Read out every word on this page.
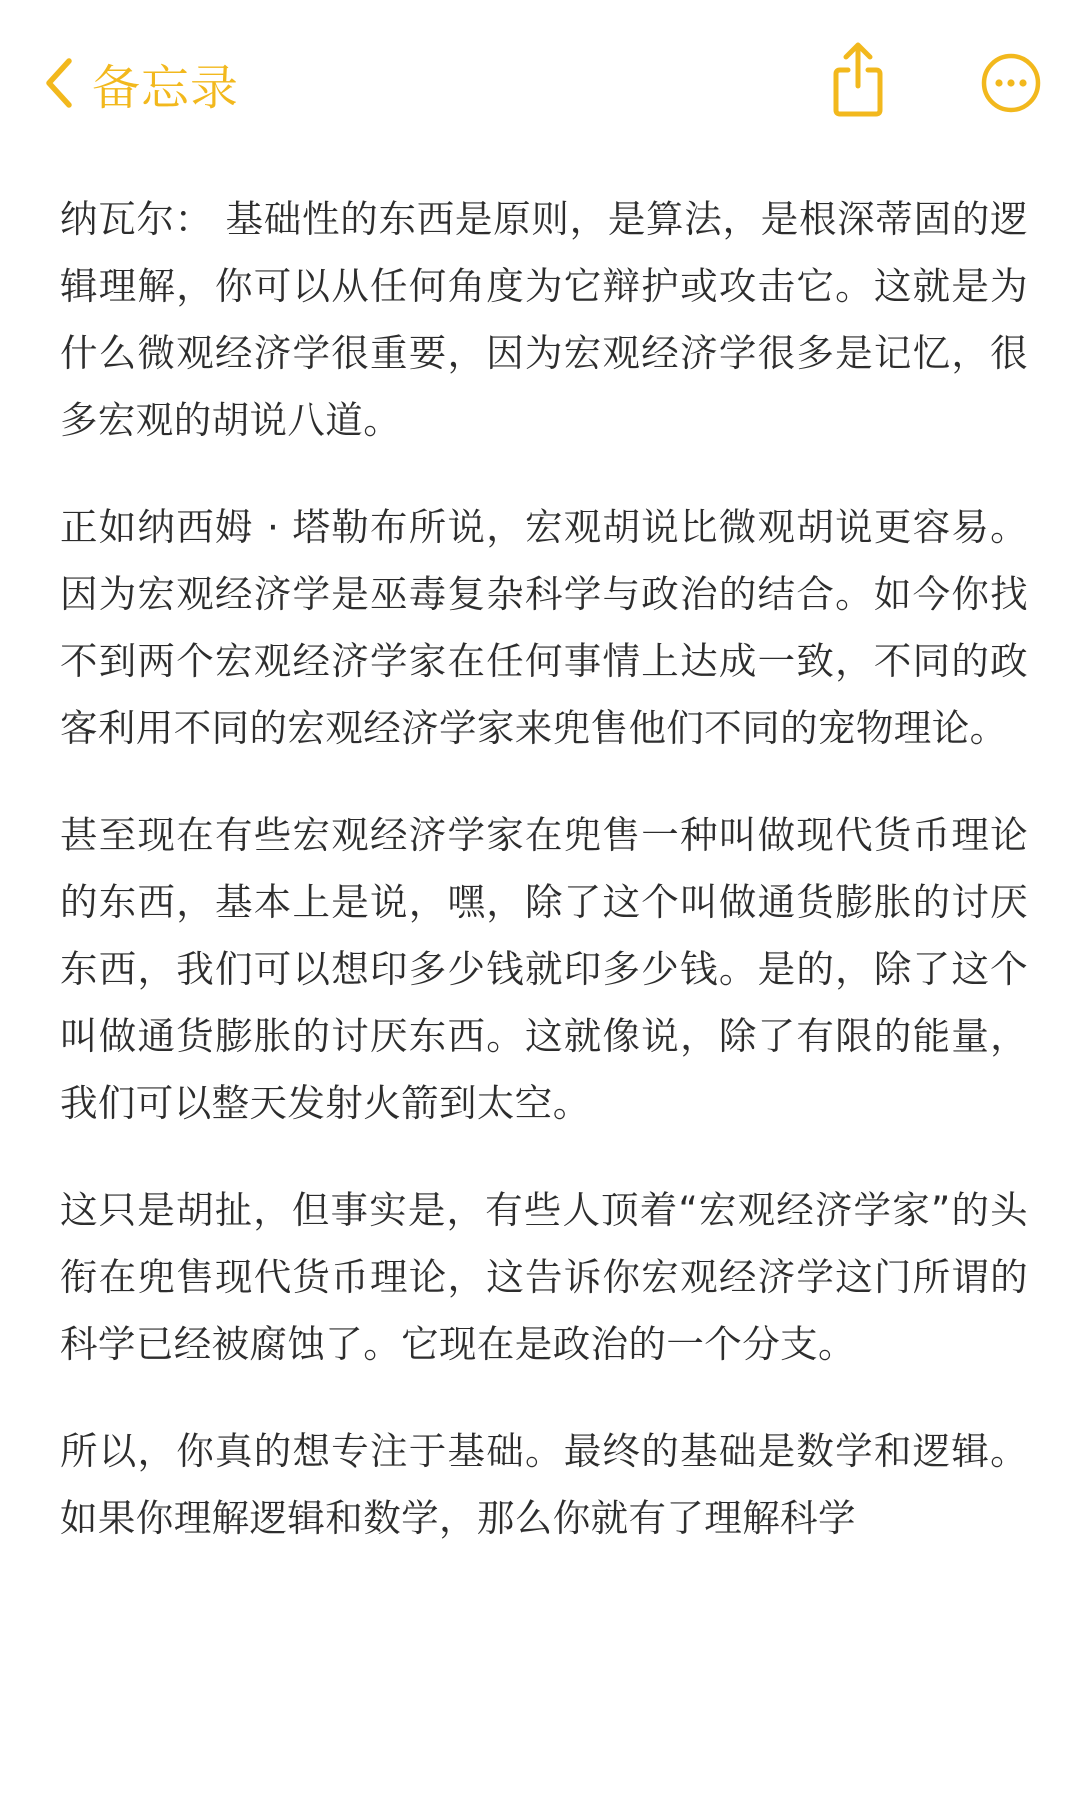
备忘录

纳瓦尔： 基础性的东西是原则，是算法，是根深蒂固的逻辑理解，你可以从任何角度为它辩护或攻击它。这就是为什么微观经济学很重要，因为宏观经济学很多是记忆，很多宏观的胡说八道。

正如纳西姆 · 塔勒布所说，宏观胡说比微观胡说更容易。因为宏观经济学是巫毒复杂科学与政治的结合。如今你找不到两个宏观经济学家在任何事情上达成一致，不同的政客利用不同的宏观经济学家来兜售他们不同的宠物理论。

甚至现在有些宏观经济学家在兜售一种叫做现代货币理论的东西，基本上是说，嘿，除了这个叫做通货膨胀的讨厌东西，我们可以想印多少钱就印多少钱。是的，除了这个叫做通货膨胀的讨厌东西。这就像说，除了有限的能量，我们可以整天发射火箭到太空。

这只是胡扯，但事实是，有些人顶着“宏观经济学家”的头衔在兜售现代货币理论，这告诉你宏观经济学这门所谓的科学已经被腐蚀了。它现在是政治的一个分支。

所以，你真的想专注于基础。最终的基础是数学和逻辑。如果你理解逻辑和数学，那么你就有了理解科学
